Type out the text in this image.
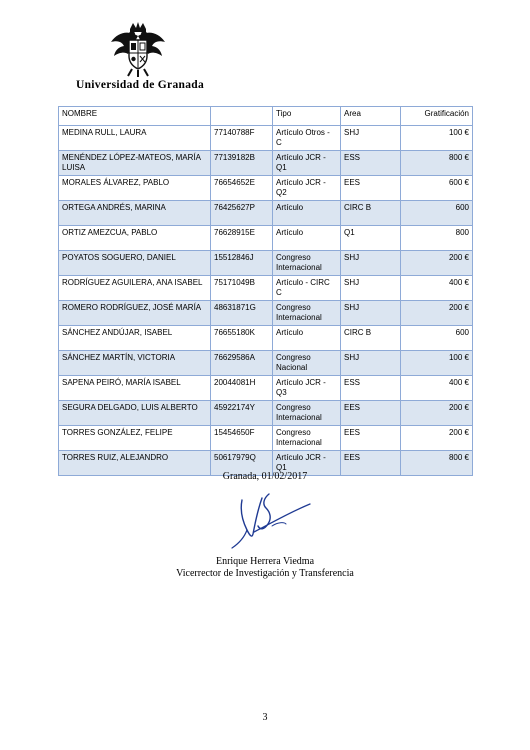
Universidad de Granada
NOMBRE		Tipo	Area	Gratificación
MEDINA RULL, LAURA	77140788F	Artículo Otros - C	SHJ	100 €
MENÉNDEZ LÓPEZ-MATEOS, MARÍA LUISA	77139182B	Artículo JCR - Q1	ESS	800 €
MORALES ÁLVAREZ, PABLO	76654652E	Artículo JCR - Q2	EES	600 €
ORTEGA ANDRÉS, MARINA	76425627P	Artículo	CIRC B	600
ORTIZ AMEZCUA, PABLO	76628915E	Artículo	Q1	800
POYATOS SOGUERO, DANIEL	15512846J	Congreso Internacional	SHJ	200 €
RODRÍGUEZ AGUILERA, ANA ISABEL	75171049B	Artículo - CIRC C	SHJ	400 €
ROMERO RODRÍGUEZ, JOSÉ MARÍA	48631871G	Congreso Internacional	SHJ	200 €
SÁNCHEZ ANDÚJAR, ISABEL	76655180K	Artículo	CIRC B	600
SÁNCHEZ MARTÍN, VICTORIA	76629586A	Congreso Nacional	SHJ	100 €
SAPENA PEIRÓ, MARÍA ISABEL	20044081H	Artículo JCR - Q3	ESS	400 €
SEGURA DELGADO, LUIS ALBERTO	45922174Y	Congreso Internacional	EES	200 €
TORRES GONZÁLEZ, FELIPE	15454650F	Congreso Internacional	EES	200 €
TORRES RUIZ, ALEJANDRO	50617979Q	Artículo JCR - Q1	EES	800 €
Granada, 01/02/2017
Enrique Herrera Viedma
Vicerrector de Investigación y Transferencia
3
